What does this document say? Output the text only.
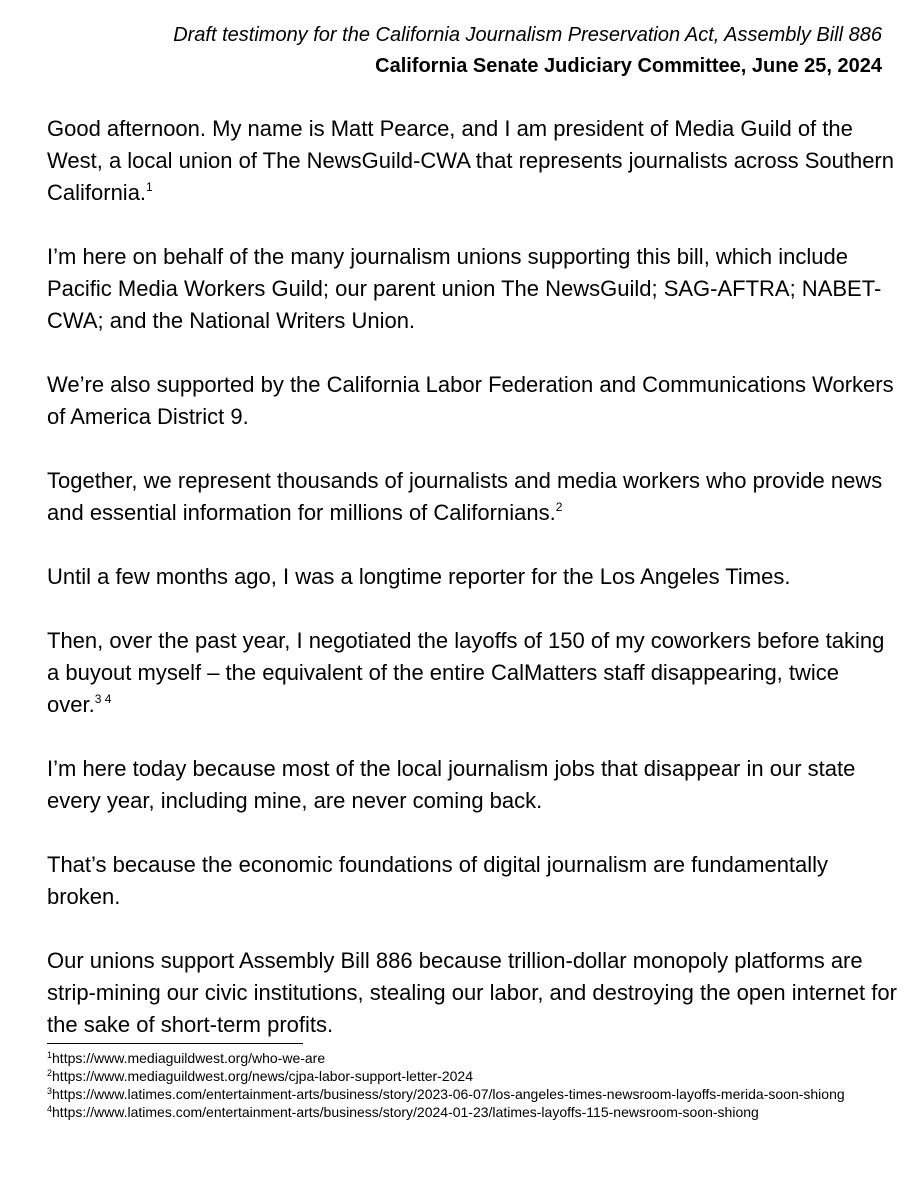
Draft testimony for the California Journalism Preservation Act, Assembly Bill 886
California Senate Judiciary Committee, June 25, 2024

Good afternoon. My name is Matt Pearce, and I am president of Media Guild of the West, a local union of The NewsGuild-CWA that represents journalists across Southern California.$^1$

I’m here on behalf of the many journalism unions supporting this bill, which include Pacific Media Workers Guild; our parent union The NewsGuild; SAG-AFTRA; NABET-CWA; and the National Writers Union.

We’re also supported by the California Labor Federation and Communications Workers of America District 9.

Together, we represent thousands of journalists and media workers who provide news and essential information for millions of Californians.$^2$

Until a few months ago, I was a longtime reporter for the Los Angeles Times.

Then, over the past year, I negotiated the layoffs of 150 of my coworkers before taking a buyout myself – the equivalent of the entire CalMatters staff disappearing, twice over.$^{3 4}$

I’m here today because most of the local journalism jobs that disappear in our state every year, including mine, are never coming back.

That’s because the economic foundations of digital journalism are fundamentally broken.

Our unions support Assembly Bill 886 because trillion-dollar monopoly platforms are strip-mining our civic institutions, stealing our labor, and destroying the open internet for the sake of short-term profits.

$^1$https://www.mediaguildwest.org/who-we-are

$^2$https://www.mediaguildwest.org/news/cjpa-labor-support-letter-2024

$^3$https://www.latimes.com/entertainment-arts/business/story/2023-06-07/los-angeles-times-newsroom-layoffs-merida-soon-shiong

$^4$https://www.latimes.com/entertainment-arts/business/story/2024-01-23/latimes-layoffs-115-newsroom-soon-shiong
